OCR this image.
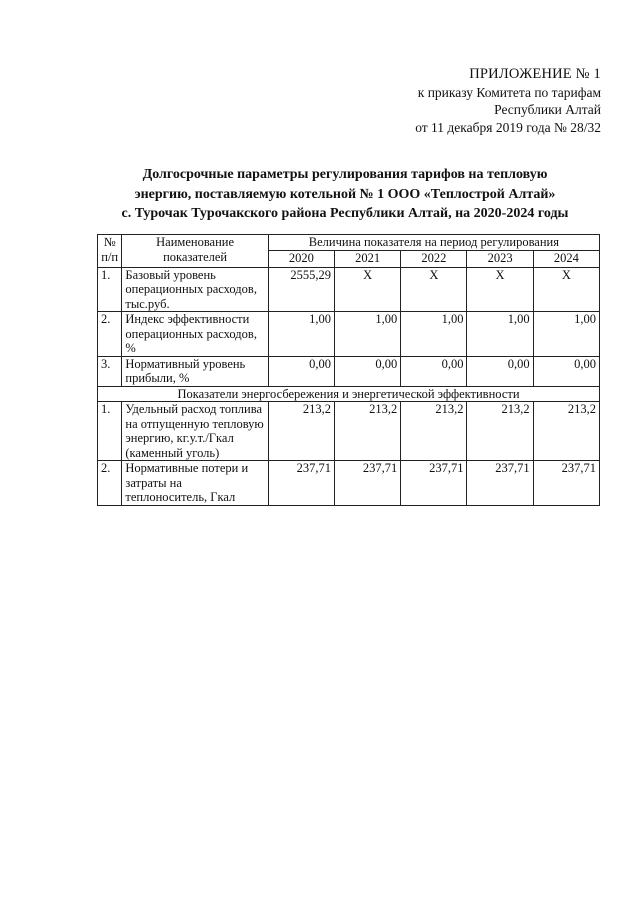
ПРИЛОЖЕНИЕ № 1
к приказу Комитета по тарифам
Республики Алтай
от 11 декабря 2019 года № 28/32
Долгосрочные параметры регулирования тарифов на тепловую
энергию, поставляемую котельной № 1 ООО «Теплострой Алтай»
с. Турочак Турочакского района Республики Алтай, на 2020-2024 годы
№ п/п	Наименование показателей	Величина показателя на период регулирования				
		2020	2021	2022	2023	2024
1.	Базовый уровень операционных расходов, тыс.руб.	2555,29	X	X	X	X
2.	Индекс эффективности операционных расходов, %	1,00	1,00	1,00	1,00	1,00
3.	Нормативный уровень прибыли, %	0,00	0,00	0,00	0,00	0,00
Показатели энергосбережения и энергетической эффективности						
1.	Удельный расход топлива на отпущенную тепловую энергию, кг.у.т./Гкал (каменный уголь)	213,2	213,2	213,2	213,2	213,2
2.	Нормативные потери и затраты на теплоноситель, Гкал	237,71	237,71	237,71	237,71	237,71
